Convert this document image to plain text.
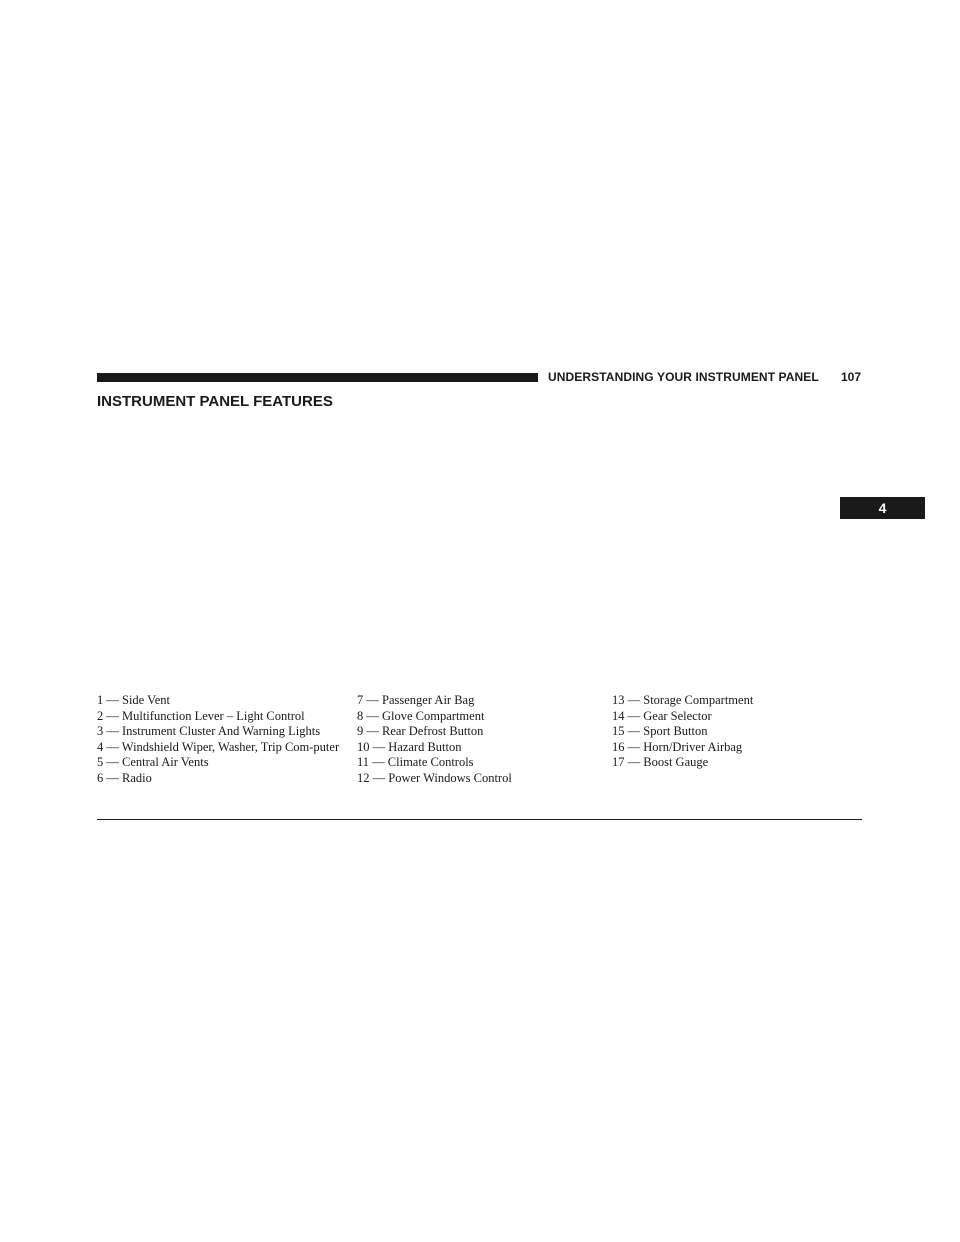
UNDERSTANDING YOUR INSTRUMENT PANEL 107
INSTRUMENT PANEL FEATURES
4
1 — Side Vent	7 — Passenger Air Bag	13 — Storage Compartment
2 — Multifunction Lever – Light Control	8 — Glove Compartment	14 — Gear Selector
3 — Instrument Cluster And Warning Lights	9 — Rear Defrost Button	15 — Sport Button
4 — Windshield Wiper, Washer, Trip Com-puter	10 — Hazard Button	16 — Horn/Driver Airbag
5 — Central Air Vents	11 — Climate Controls	17 — Boost Gauge
6 — Radio	12 — Power Windows Control
